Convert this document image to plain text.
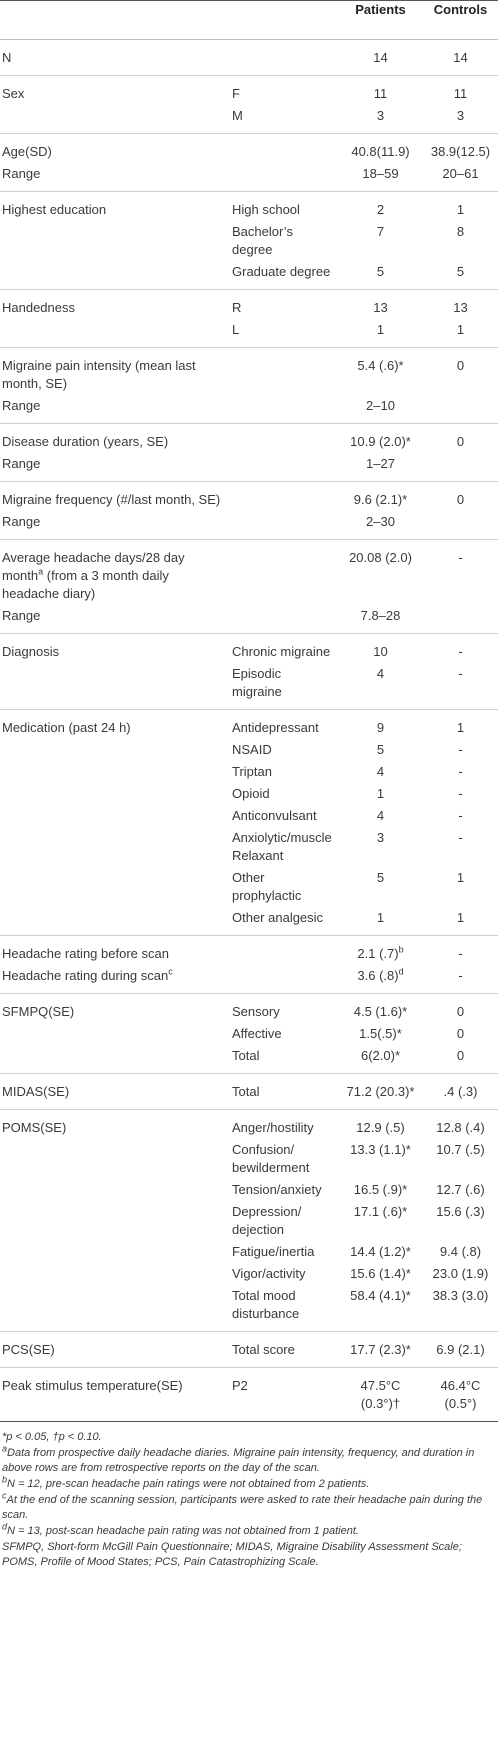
		Patients	Controls
N		14	14
Sex	F	11	11
	M	3	3
Age(SD)		40.8(11.9)	38.9(12.5)
Range		18–59	20–61
Highest education	High school	2	1
	Bachelor’s degree	7	8
	Graduate degree	5	5
Handedness	R	13	13
	L	1	1
Migraine pain intensity (mean last month, SE)		5.4 (.6)*	0
Range		2–10	
Disease duration (years, SE)		10.9 (2.0)*	0
Range		1–27	
Migraine frequency (#/last month, SE)		9.6 (2.1)*	0
Range		2–30	
Average headache days/28 day month$^a$ (from a 3 month daily headache diary)		20.08 (2.0)	-
Range		7.8–28	
Diagnosis	Chronic migraine	10	-
	Episodic migraine	4	-
Medication (past 24 h)	Antidepressant	9	1
	NSAID	5	-
	Triptan	4	-
	Opioid	1	-
	Anticonvulsant	4	-
	Anxiolytic/muscle Relaxant	3	-
	Other prophylactic	5	1
	Other analgesic	1	1
Headache rating before scan		2.1 $(.7)^b$	-
Headache rating during scan$^c$		3.6 $(.8)^d$	-
SFMPQ(SE)	Sensory	4.5 (1.6)*	0
	Affective	1.5(.5)*	0
	Total	6(2.0)*	0
MIDAS(SE)	Total	71.2 (20.3)*	.4 (.3)
POMS(SE)	Anger/hostility	12.9 (.5)	12.8 (.4)
	Confusion/ bewilderment	13.3 (1.1)*	10.7 (.5)
	Tension/anxiety	16.5 (.9)*	12.7 (.6)
	Depression/ dejection	17.1 (.6)*	15.6 (.3)
	Fatigue/inertia	14.4 (1.2)*	9.4 (.8)
	Vigor/activity	15.6 (1.4)*	23.0 (1.9)
	Total mood disturbance	58.4 (4.1)*	38.3 (3.0)
PCS(SE)	Total score	17.7 (2.3)*	6.9 (2.1)
Peak stimulus temperature(SE)	P2	47.5°C (0.3°)†	46.4°C (0.5°)

*p < 0.05, †p < 0.10.

$^a$Data from prospective daily headache diaries. Migraine pain intensity, frequency, and duration in above rows are from retrospective reports on the day of the scan.

$^b$N = 12, pre-scan headache pain ratings were not obtained from 2 patients.

$^c$At the end of the scanning session, participants were asked to rate their headache pain during the scan.

$^d$N = 13, post-scan headache pain rating was not obtained from 1 patient.

SFMPQ, Short-form McGill Pain Questionnaire; MIDAS, Migraine Disability Assessment Scale; POMS, Profile of Mood States; PCS, Pain Catastrophizing Scale.
